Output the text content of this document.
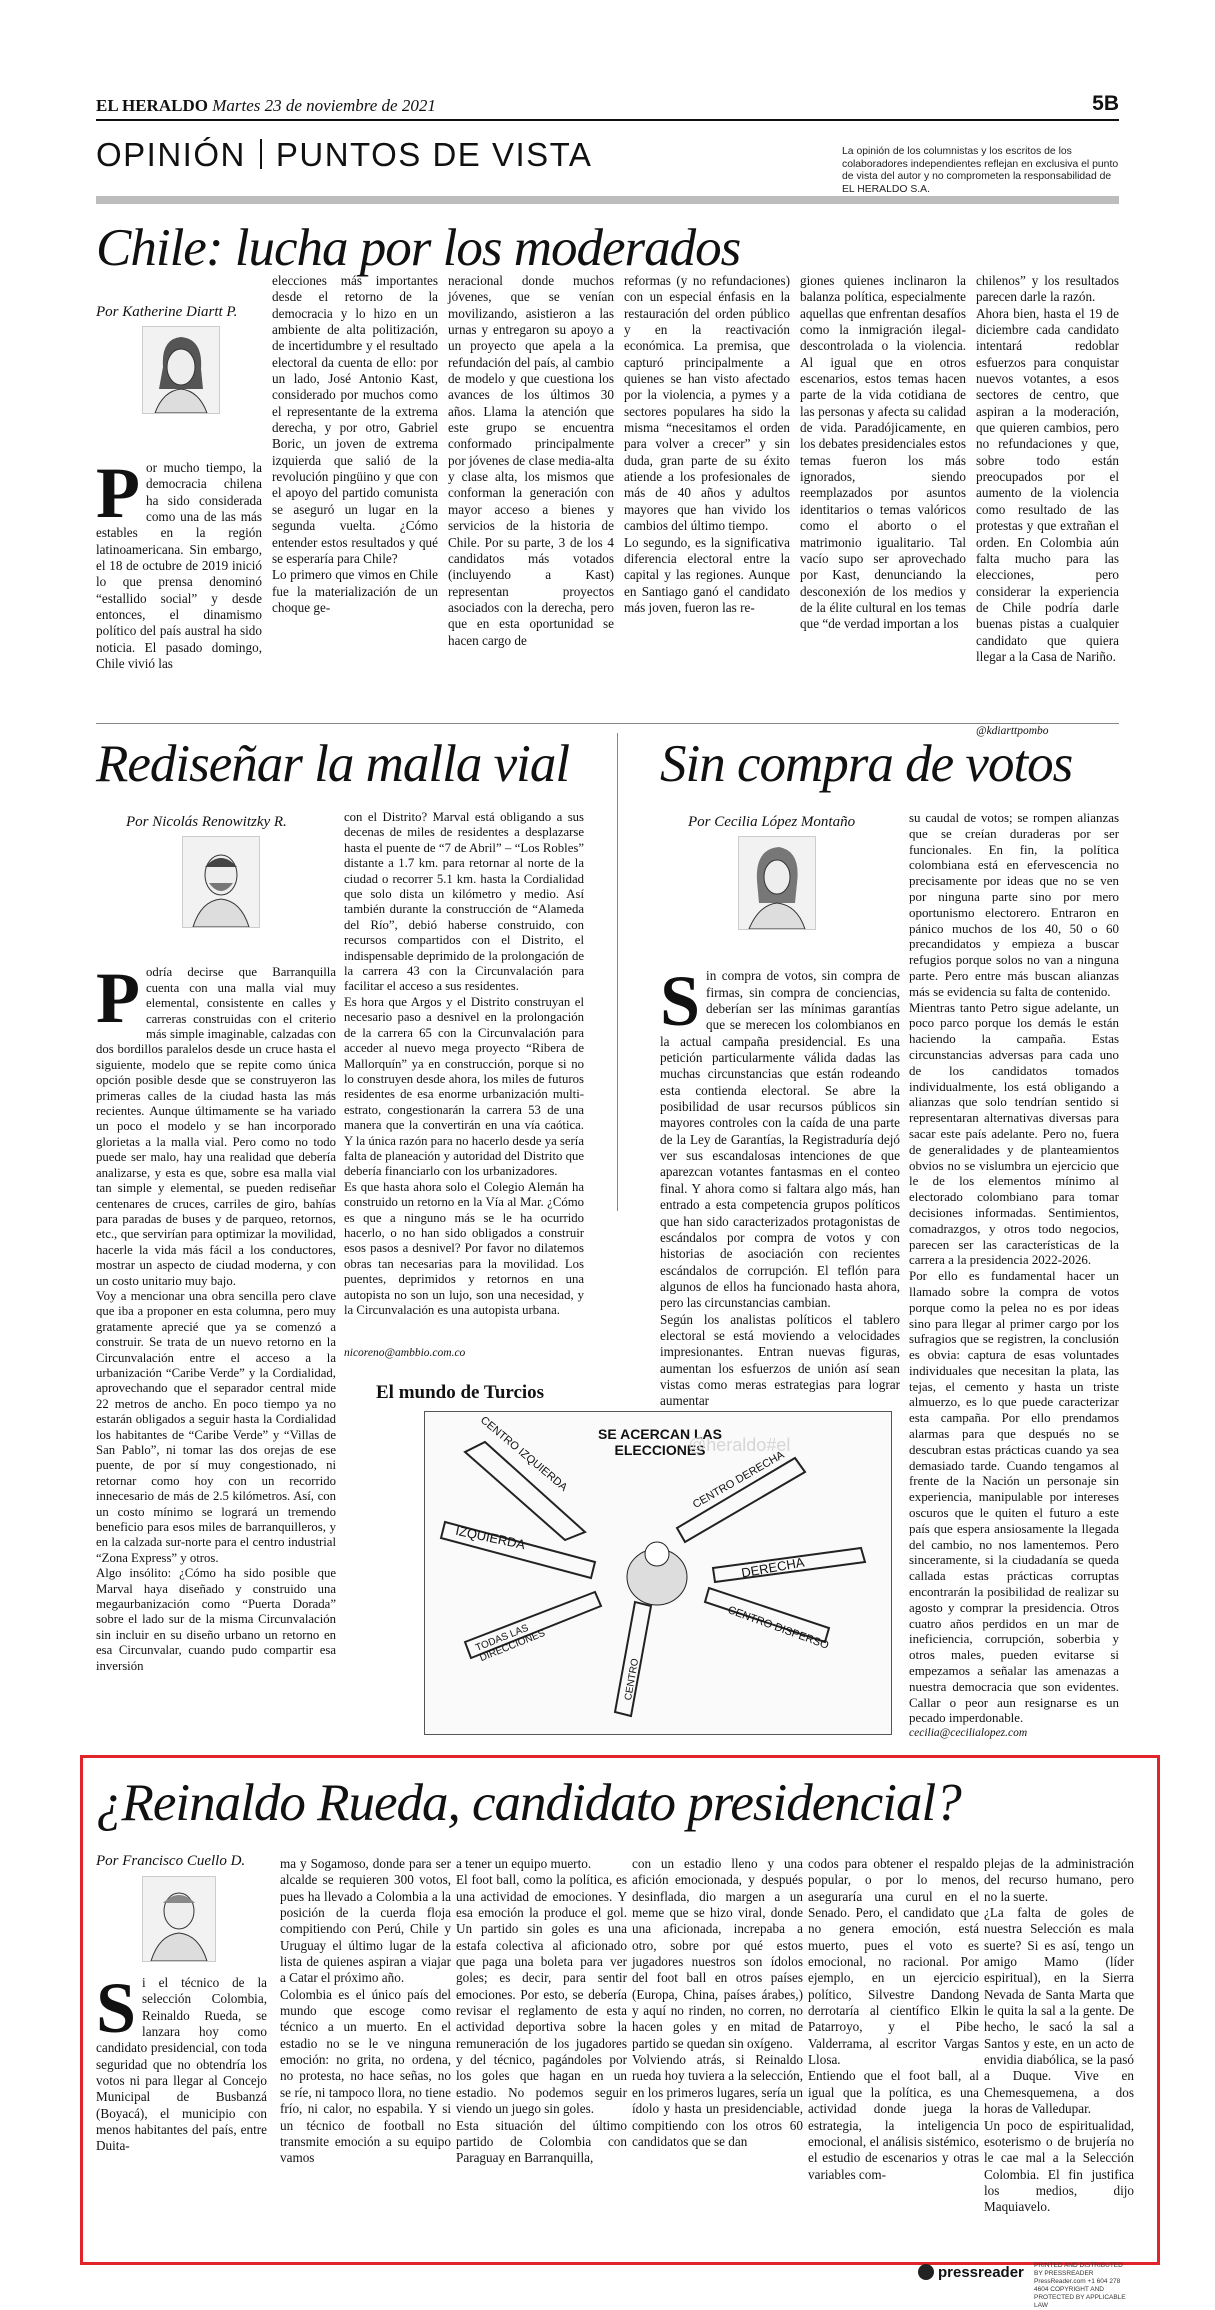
EL HERALDO Martes 23 de noviembre de 2021	5B
OPINIÓN PUNTOS DE VISTA	La opinión de los columnistas y los escritos de los colaboradores independientes reflejan en exclusiva el punto de vista del autor y no comprometen la responsabilidad de EL HERALDO S.A.
Chile: lucha por los moderados
Por Katherine Diartt P.
Por mucho tiempo, la democracia chilena ha sido considerada como una de las más estables en la región latinoamericana. Sin embargo, el 18 de octubre de 2019 inició lo que prensa denominó “estallido social” y desde entonces, el dinamismo político del país austral ha sido noticia. El pasado domingo, Chile vivió las
elecciones más importantes desde el retorno de la democracia y lo hizo en un ambiente de alta politización, de incertidumbre y el resultado electoral da cuenta de ello: por un lado, José Antonio Kast, considerado por muchos como el representante de la extrema derecha, y por otro, Gabriel Boric, un joven de extrema izquierda que salió de la revolución pingüino y que con el apoyo del partido comunista se aseguró un lugar en la segunda vuelta. ¿Cómo entender estos resultados y qué se esperaría para Chile?
Lo primero que vimos en Chile fue la materialización de un choque ge-
neracional donde muchos jóvenes, que se venían movilizando, asistieron a las urnas y entregaron su apoyo a un proyecto que apela a la refundación del país, al cambio de modelo y que cuestiona los avances de los últimos 30 años. Llama la atención que este grupo se encuentra conformado principalmente por jóvenes de clase media-alta y clase alta, los mismos que conforman la generación con mayor acceso a bienes y servicios de la historia de Chile. Por su parte, 3 de los 4 candidatos más votados (incluyendo a Kast) representan proyectos asociados con la derecha, pero que en esta oportunidad se hacen cargo de
reformas (y no refundaciones) con un especial énfasis en la restauración del orden público y en la reactivación económica. La premisa, que capturó principalmente a quienes se han visto afectado por la violencia, a pymes y a sectores populares ha sido la misma “necesitamos el orden para volver a crecer” y sin duda, gran parte de su éxito atiende a los profesionales de más de 40 años y adultos mayores que han vivido los cambios del último tiempo.
Lo segundo, es la significativa diferencia electoral entre la capital y las regiones. Aunque en Santiago ganó el candidato más joven, fueron las re-
giones quienes inclinaron la balanza política, especialmente aquellas que enfrentan desafíos como la inmigración ilegal-descontrolada o la violencia. Al igual que en otros escenarios, estos temas hacen parte de la vida cotidiana de las personas y afecta su calidad de vida. Paradójicamente, en los debates presidenciales estos temas fueron los más ignorados, siendo reemplazados por asuntos identitarios o temas valóricos como el aborto o el matrimonio igualitario. Tal vacío supo ser aprovechado por Kast, denunciando la desconexión de los medios y de la élite cultural en los temas que “de verdad importan a los
chilenos” y los resultados parecen darle la razón.
Ahora bien, hasta el 19 de diciembre cada candidato intentará redoblar esfuerzos para conquistar nuevos votantes, a esos sectores de centro, que aspiran a la moderación, que quieren cambios, pero no refundaciones y que, sobre todo están preocupados por el aumento de la violencia como resultado de las protestas y que extrañan el orden. En Colombia aún falta mucho para las elecciones, pero considerar la experiencia de Chile podría darle buenas pistas a cualquier candidato que quiera llegar a la Casa de Nariño.
@kdiarttpombo
Rediseñar la malla vial
Por Nicolás Renowitzky R.

Podría decirse que Barranquilla cuenta con una malla vial muy elemental, consistente en calles y carreras construidas con el criterio más simple imaginable, calzadas con dos bordillos paralelos desde un cruce hasta el siguiente, modelo que se repite como única opción posible desde que se construyeron las primeras calles de la ciudad hasta las más recientes. Aunque últimamente se ha variado un poco el modelo y se han incorporado glorietas a la malla vial. Pero como no todo puede ser malo, hay una realidad que debería analizarse, y esta es que, sobre esa malla vial tan simple y elemental, se pueden rediseñar centenares de cruces, carriles de giro, bahías para paradas de buses y de parqueo, retornos, etc., que servirían para optimizar la movilidad, hacerle la vida más fácil a los conductores, mostrar un aspecto de ciudad moderna, y con un costo unitario muy bajo.
Voy a mencionar una obra sencilla pero clave que iba a proponer en esta columna, pero muy gratamente aprecié que ya se comenzó a construir. Se trata de un nuevo retorno en la Circunvalación entre el acceso a la urbanización “Caribe Verde” y la Cordialidad, aprovechando que el separador central mide 22 metros de ancho. En poco tiempo ya no estarán obligados a seguir hasta la Cordialidad los habitantes de “Caribe Verde” y “Villas de San Pablo”, ni tomar las dos orejas de ese puente, de por sí muy congestionado, ni retornar como hoy con un recorrido innecesario de más de 2.5 kilómetros. Así, con un costo mínimo se logrará un tremendo beneficio para esos miles de barranquilleros, y en la calzada sur-norte para el centro industrial “Zona Express” y otros.
Algo insólito: ¿Cómo ha sido posible que Marval haya diseñado y construido una megaurbanización como “Puerta Dorada” sobre el lado sur de la misma Circunvalación sin incluir en su diseño urbano un retorno en esa Circunvalar, cuando pudo compartir esa inversión

con el Distrito? Marval está obligando a sus decenas de miles de residentes a desplazarse hasta el puente de “7 de Abril” – “Los Robles” distante a 1.7 km. para retornar al norte de la ciudad o recorrer 5.1 km. hasta la Cordialidad que solo dista un kilómetro y medio. Así también durante la construcción de “Alameda del Río”, debió haberse construido, con recursos compartidos con el Distrito, el indispensable deprimido de la prolongación de la carrera 43 con la Circunvalación para facilitar el acceso a sus residentes.
Es hora que Argos y el Distrito construyan el necesario paso a desnivel en la prolongación de la carrera 65 con la Circunvalación para acceder al nuevo mega proyecto “Ribera de Mallorquín” ya en construcción, porque si no lo construyen desde ahora, los miles de futuros residentes de esa enorme urbanización multi-estrato, congestionarán la carrera 53 de una manera que la convertirán en una vía caótica. Y la única razón para no hacerlo desde ya sería falta de planeación y autoridad del Distrito que debería financiarlo con los urbanizadores.
Es que hasta ahora solo el Colegio Alemán ha construido un retorno en la Vía al Mar. ¿Cómo es que a ninguno más se le ha ocurrido hacerlo, o no han sido obligados a construir esos pasos a desnivel? Por favor no dilatemos obras tan necesarias para la movilidad. Los puentes, deprimidos y retornos en una autopista no son un lujo, son una necesidad, y la Circunvalación es una autopista urbana.
nicoreno@ambbio.com.co
Sin compra de votos
Por Cecilia López Montaño

Sin compra de votos, sin compra de firmas, sin compra de conciencias, deberían ser las mínimas garantías que se merecen los colombianos en la actual campaña presidencial. Es una petición particularmente válida dadas las muchas circunstancias que están rodeando esta contienda electoral. Se abre la posibilidad de usar recursos públicos sin mayores controles con la caída de una parte de la Ley de Garantías, la Registraduría dejó ver sus escandalosas intenciones de que aparezcan votantes fantasmas en el conteo final. Y ahora como si faltara algo más, han entrado a esta competencia grupos políticos que han sido caracterizados protagonistas de escándalos por compra de votos y con historias de asociación con recientes escándalos de corrupción. El teflón para algunos de ellos ha funcionado hasta ahora, pero las circunstancias cambian.
Según los analistas políticos el tablero electoral se está moviendo a velocidades impresionantes. Entran nuevas figuras, aumentan los esfuerzos de unión así sean vistas como meras estrategias para lograr aumentar

su caudal de votos; se rompen alianzas que se creían duraderas por ser funcionales. En fin, la política colombiana está en efervescencia no precisamente por ideas que no se ven por ninguna parte sino por mero oportunismo electorero. Entraron en pánico muchos de los 40, 50 o 60 precandidatos y empieza a buscar refugios porque solos no van a ninguna parte. Pero entre más buscan alianzas más se evidencia su falta de contenido.
Mientras tanto Petro sigue adelante, un poco parco porque los demás le están haciendo la campaña. Estas circunstancias adversas para cada uno de los candidatos tomados individualmente, los está obligando a alianzas que solo tendrían sentido si representaran alternativas diversas para sacar este país adelante. Pero no, fuera de generalidades y de planteamientos obvios no se vislumbra un ejercicio que le de los elementos mínimo al electorado colombiano para tomar decisiones informadas. Sentimientos, comadrazgos, y otros todo negocios, parecen ser las características de la carrera a la presidencia 2022-2026.
Por ello es fundamental hacer un llamado sobre la compra de votos porque como la pelea no es por ideas sino para llegar al primer cargo por los sufragios que se registren, la conclusión es obvia: captura de esas voluntades individuales que necesitan la plata, las tejas, el cemento y hasta un triste almuerzo, es lo que puede caracterizar esta campaña. Por ello prendamos alarmas para que después no se descubran estas prácticas cuando ya sea demasiado tarde. Cuando tengamos al frente de la Nación un personaje sin experiencia, manipulable por intereses oscuros que le quiten el futuro a este país que espera ansiosamente la llegada del cambio, no nos lamentemos. Pero sinceramente, si la ciudadanía se queda callada estas prácticas corruptas encontrarán la posibilidad de realizar su agosto y comprar la presidencia. Otros cuatro años perdidos en un mar de ineficiencia, corrupción, soberbia y otros males, pueden evitarse si empezamos a señalar las amenazas a nuestra democracia que son evidentes. Callar o peor aun resignarse es un pecado imperdonable.
cecilia@cecilialopez.com
El mundo de Turcios
SE ACERCAN LAS ELECCIONES
CENTRO IZQUIERDA	CENTRO DERECHA
IZQUIERDA
DERECHA
TODAS LAS DIRECCIONES
CENTRO
CENTRO DISPERSO
@heraldo#el
¿Reinaldo Rueda, candidato presidencial?
Por Francisco Cuello D.
Si el técnico de la selección Colombia, Reinaldo Rueda, se lanzara hoy como candidato presidencial, con toda seguridad que no obtendría los votos ni para llegar al Concejo Municipal de Busbanzá (Boyacá), el municipio con menos habitantes del país, entre Duita-
ma y Sogamoso, donde para ser alcalde se requieren 300 votos, pues ha llevado a Colombia a la posición de la cuerda floja compitiendo con Perú, Chile y Uruguay el último lugar de la lista de quienes aspiran a viajar a Catar el próximo año.
Colombia es el único país del mundo que escoge como técnico a un muerto. En el estadio no se le ve ninguna emoción: no grita, no ordena, no protesta, no hace señas, no se ríe, ni tampoco llora, no tiene frío, ni calor, no espabila. Y si un técnico de football no transmite emoción a su equipo vamos
a tener un equipo muerto.
El foot ball, como la política, es una actividad de emociones. Y esa emoción la produce el gol. Un partido sin goles es una estafa colectiva al aficionado que paga una boleta para ver goles; es decir, para sentir emociones. Por esto, se debería revisar el reglamento de esta actividad deportiva sobre la remuneración de los jugadores y del técnico, pagándoles por los goles que hagan en un estadio. No podemos seguir viendo un juego sin goles.
Esta situación del último partido de Colombia con Paraguay en Barranquilla,
con un estadio lleno y una afición emocionada, y después desinflada, dio margen a un meme que se hizo viral, donde una aficionada, increpaba a otro, sobre por qué estos jugadores nuestros son ídolos del foot ball en otros países (Europa, China, países árabes,) y aquí no rinden, no corren, no hacen goles y en mitad de partido se quedan sin oxígeno.
Volviendo atrás, si Reinaldo rueda hoy tuviera a la selección, en los primeros lugares, sería un ídolo y hasta un presidenciable, compitiendo con los otros 60 candidatos que se dan
codos para obtener el respaldo popular, o por lo menos, aseguraría una curul en el Senado. Pero, el candidato que no genera emoción, está muerto, pues el voto es emocional, no racional. Por ejemplo, en un ejercicio político, Silvestre Dandong derrotaría al científico Elkin Patarroyo, y el Pibe Valderrama, al escritor Vargas Llosa.
Entiendo que el foot ball, al igual que la política, es una actividad donde juega la estrategia, la inteligencia emocional, el análisis sistémico, el estudio de escenarios y otras variables com-
plejas de la administración del recurso humano, pero no la suerte.
¿La falta de goles de nuestra Selección es mala suerte? Si es así, tengo un amigo Mamo (líder espiritual), en la Sierra Nevada de Santa Marta que le quita la sal a la gente. De hecho, le sacó la sal a Santos y este, en un acto de envidia diabólica, se la pasó a Duque. Vive en Chemesquemena, a dos horas de Valledupar.
Un poco de espiritualidad, esoterismo o de brujería no le cae mal a la Selección Colombia. El fin justifica los medios, dijo Maquiavelo.
pressreader PRINTED AND DISTRIBUTED BY PRESSREADER PressReader.com +1 604 278 4604 COPYRIGHT AND PROTECTED BY APPLICABLE LAW
